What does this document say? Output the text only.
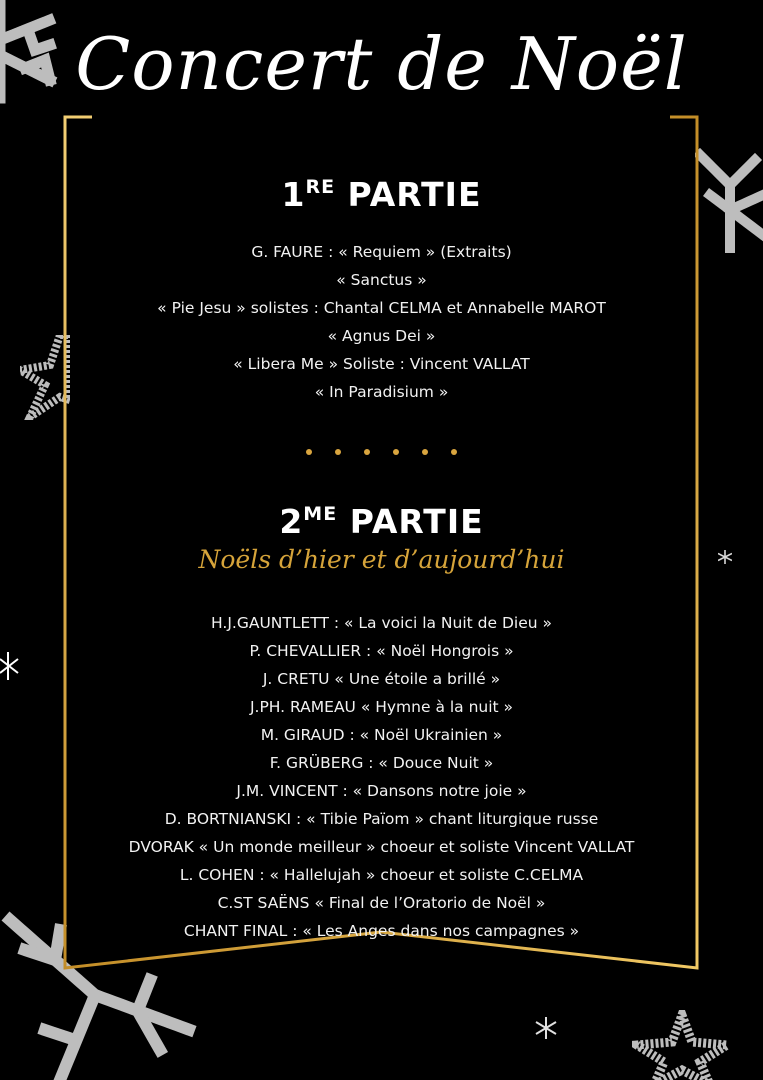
Concert de Noël
1RE PARTIE
G. FAURE : « Requiem » (Extraits)
« Sanctus »
« Pie Jesu » solistes : Chantal CELMA et Annabelle MAROT
« Agnus Dei »
« Libera Me » Soliste : Vincent VALLAT
« In Paradisium »
$2^{ME}$ PARTIE

Noëls d’hier et d’aujourd’hui

H.J.GAUNTLETT : « La voici la Nuit de Dieu »
P. CHEVALLIER : « Noël Hongrois »
J. CRETU « Une étoile a brillé »
J.PH. RAMEAU « Hymne à la nuit »
M. GIRAUD : « Noël Ukrainien »
F. GRÜBERG : « Douce Nuit »
J.M. VINCENT : « Dansons notre joie »
D. BORTNIANSKI : « Tibie Païom » chant liturgique russe
DVORAK « Un monde meilleur » choeur et soliste Vincent VALLAT
L. COHEN : « Hallelujah » choeur et soliste C.CELMA
C.ST SAËNS « Final de l’Oratorio de Noël »
CHANT FINAL : « Les Anges dans nos campagnes »
